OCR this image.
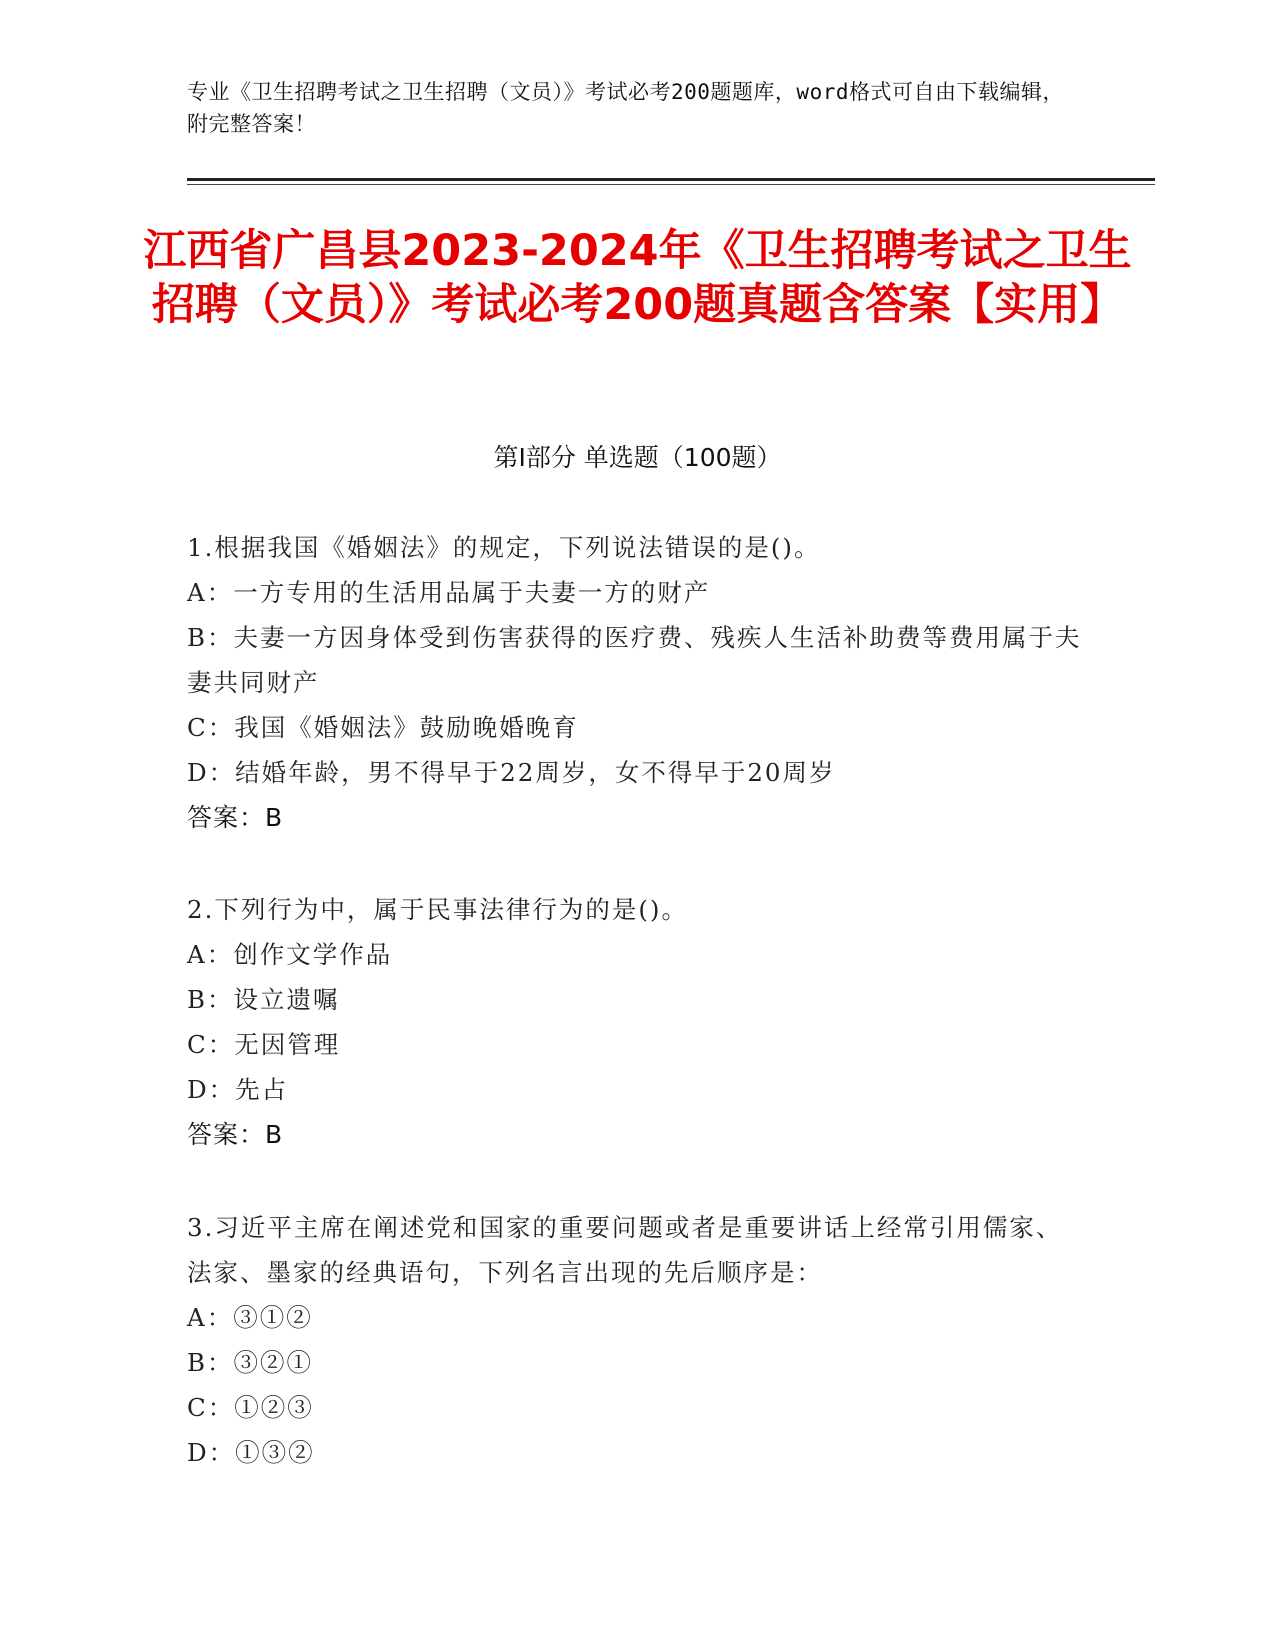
专业《卫生招聘考试之卫生招聘（文员）》考试必考200题题库，word格式可自由下载编辑，附完整答案！
江西省广昌县2023-2024年《卫生招聘考试之卫生招聘（文员）》考试必考200题真题含答案【实用】
第Ⅰ部分 单选题（100题）
1.根据我国《婚姻法》的规定，下列说法错误的是()。
A：一方专用的生活用品属于夫妻一方的财产
B：夫妻一方因身体受到伤害获得的医疗费、残疾人生活补助费等费用属于夫妻共同财产
C：我国《婚姻法》鼓励晚婚晚育
D：结婚年龄，男不得早于22周岁，女不得早于20周岁
答案：B
2.下列行为中，属于民事法律行为的是()。
A：创作文学作品
B：设立遗嘱
C：无因管理
D：先占
答案：B
3.习近平主席在阐述党和国家的重要问题或者是重要讲话上经常引用儒家、法家、墨家的经典语句，下列名言出现的先后顺序是：
A：③①②
B：③②①
C：①②③
D：①③②
